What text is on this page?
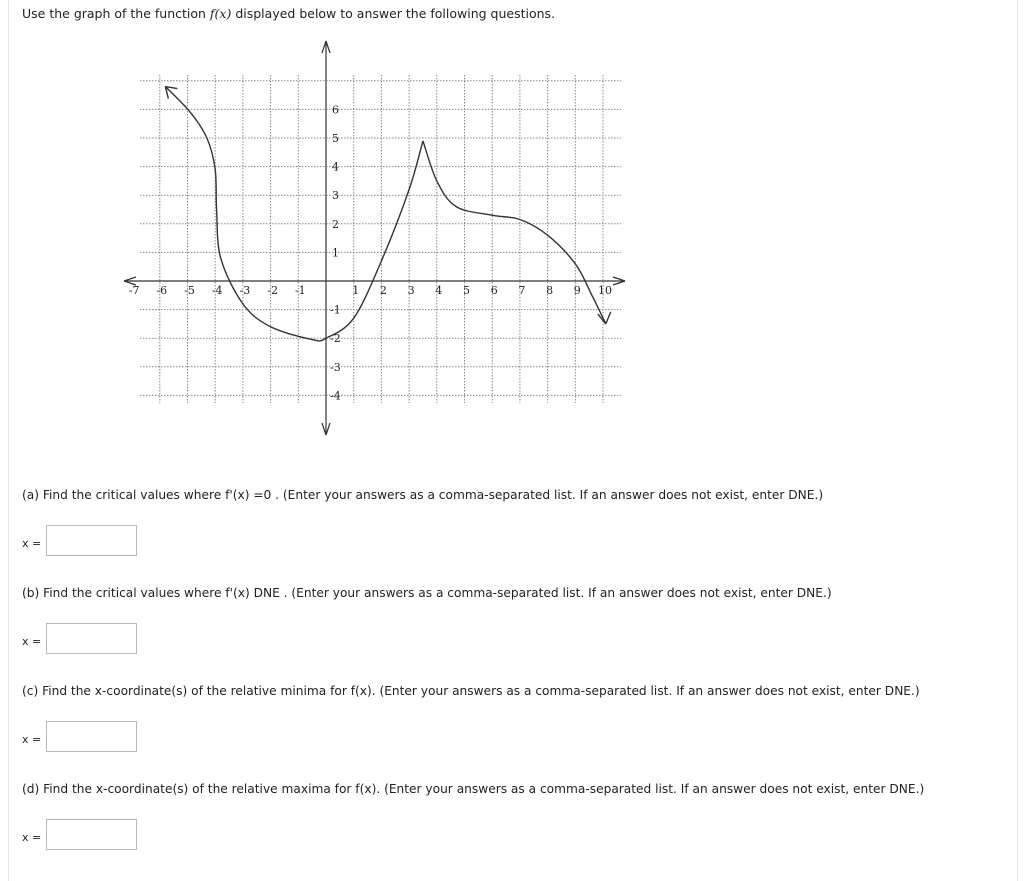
Use the graph of the function f(x) displayed below to answer the following questions.
-7 -6 -5 -4 -3 -2 -1	1 2 3 4 5 6 7 8 9 10
6
5
4
3
2
1
-1
-2
-3
-4
(a) Find the critical values where f'(x) =0 . (Enter your answers as a comma-separated list. If an answer does not exist, enter DNE.)
x =
(b) Find the critical values where f'(x) DNE . (Enter your answers as a comma-separated list. If an answer does not exist, enter DNE.)
x =
(c) Find the x-coordinate(s) of the relative minima for f(x). (Enter your answers as a comma-separated list. If an answer does not exist, enter DNE.)
x =
(d) Find the x-coordinate(s) of the relative maxima for f(x). (Enter your answers as a comma-separated list. If an answer does not exist, enter DNE.)
x =
